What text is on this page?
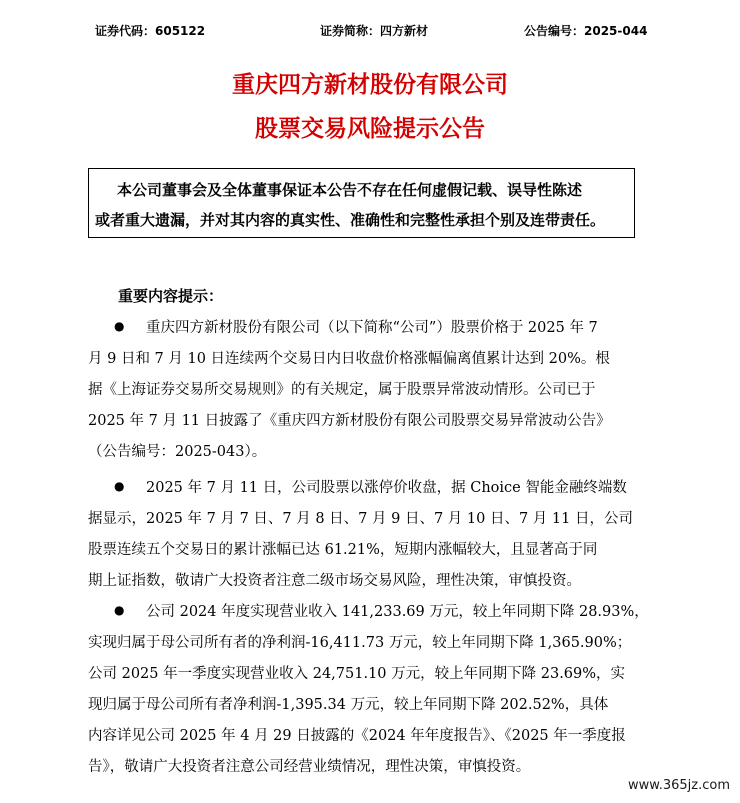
证券代码：605122	证券简称：四方新材	公告编号：2025-044
重庆四方新材股份有限公司
股票交易风险提示公告

本公司董事会及全体董事保证本公告不存在任何虚假记载、误导性陈述

或者重大遗漏，并对其内容的真实性、准确性和完整性承担个别及连带责任。

重要内容提示：
● 重庆四方新材股份有限公司（以下简称“公司”）股票价格于 2025 年 7
月 9 日和 7 月 10 日连续两个交易日内日收盘价格涨幅偏离值累计达到 20%。根
据《上海证券交易所交易规则》的有关规定，属于股票异常波动情形。公司已于
2025 年 7 月 11 日披露了《重庆四方新材股份有限公司股票交易异常波动公告》
（公告编号：2025-043）。
● 2025 年 7 月 11 日，公司股票以涨停价收盘，据 Choice 智能金融终端数
据显示，2025 年 7 月 7 日、7 月 8 日、7 月 9 日、7 月 10 日、7 月 11 日，公司
股票连续五个交易日的累计涨幅已达 61.21%，短期内涨幅较大，且显著高于同
期上证指数，敬请广大投资者注意二级市场交易风险，理性决策，审慎投资。
● 公司 2024 年度实现营业收入 141,233.69 万元，较上年同期下降 28.93%，
实现归属于母公司所有者的净利润-16,411.73 万元，较上年同期下降 1,365.90%；
公司 2025 年一季度实现营业收入 24,751.10 万元，较上年同期下降 23.69%，实
现归属于母公司所有者净利润-1,395.34 万元，较上年同期下降 202.52%，具体
内容详见公司 2025 年 4 月 29 日披露的《2024 年年度报告》、《2025 年一季度报
告》，敬请广大投资者注意公司经营业绩情况，理性决策，审慎投资。
www.365jz.com
